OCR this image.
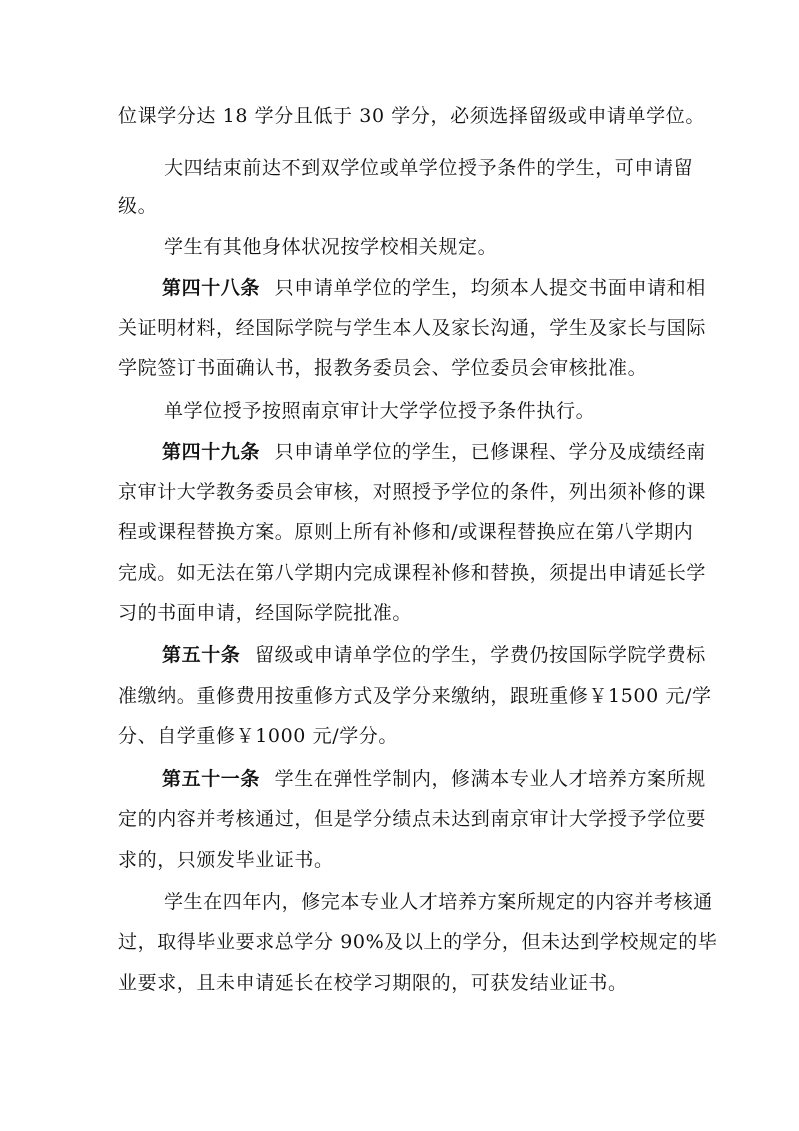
位课学分达 18 学分且低于 30 学分，必须选择留级或申请单学位。
大四结束前达不到双学位或单学位授予条件的学生，可申请留
级。
学生有其他身体状况按学校相关规定。
第四十八条 只申请单学位的学生，均须本人提交书面申请和相
关证明材料，经国际学院与学生本人及家长沟通，学生及家长与国际
学院签订书面确认书，报教务委员会、学位委员会审核批准。
单学位授予按照南京审计大学学位授予条件执行。
第四十九条 只申请单学位的学生，已修课程、学分及成绩经南
京审计大学教务委员会审核，对照授予学位的条件，列出须补修的课
程或课程替换方案。原则上所有补修和/或课程替换应在第八学期内
完成。如无法在第八学期内完成课程补修和替换，须提出申请延长学
习的书面申请，经国际学院批准。
第五十条 留级或申请单学位的学生，学费仍按国际学院学费标
准缴纳。重修费用按重修方式及学分来缴纳，跟班重修￥1500 元/学
分、自学重修￥1000 元/学分。
第五十一条 学生在弹性学制内，修满本专业人才培养方案所规
定的内容并考核通过，但是学分绩点未达到南京审计大学授予学位要
求的，只颁发毕业证书。
学生在四年内，修完本专业人才培养方案所规定的内容并考核通
过，取得毕业要求总学分 90%及以上的学分，但未达到学校规定的毕
业要求，且未申请延长在校学习期限的，可获发结业证书。
